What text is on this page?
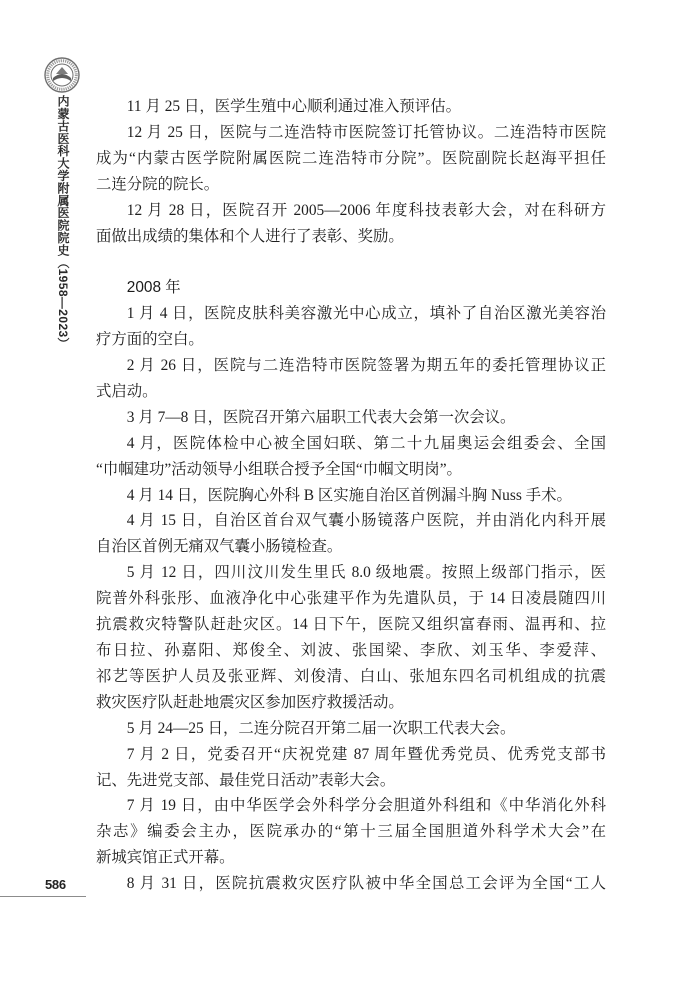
内蒙古医科大学附属医院院史（1958—2023）	11 月 25 日，医学生殖中心顺利通过准入预评估。
12 月 25 日，医院与二连浩特市医院签订托管协议。二连浩特市医院
成为“内蒙古医学院附属医院二连浩特市分院”。医院副院长赵海平担任
二连分院的院长。
12 月 28 日，医院召开 2005—2006 年度科技表彰大会，对在科研方
面做出成绩的集体和个人进行了表彰、奖励。
2008 年
1 月 4 日，医院皮肤科美容激光中心成立，填补了自治区激光美容治
疗方面的空白。
2 月 26 日，医院与二连浩特市医院签署为期五年的委托管理协议正
式启动。
3 月 7—8 日，医院召开第六届职工代表大会第一次会议。
4 月，医院体检中心被全国妇联、第二十九届奥运会组委会、全国
“巾帼建功”活动领导小组联合授予全国“巾帼文明岗”。
4 月 14 日，医院胸心外科 B 区实施自治区首例漏斗胸 Nuss 手术。
4 月 15 日，自治区首台双气囊小肠镜落户医院，并由消化内科开展
自治区首例无痛双气囊小肠镜检查。
5 月 12 日，四川汶川发生里氏 8.0 级地震。按照上级部门指示，医
院普外科张彤、血液净化中心张建平作为先遣队员，于 14 日凌晨随四川
抗震救灾特警队赶赴灾区。14 日下午，医院又组织富春雨、温再和、拉
布日拉、孙嘉阳、郑俊全、刘波、张国梁、李欣、刘玉华、李爱萍、
祁艺等医护人员及张亚辉、刘俊清、白山、张旭东四名司机组成的抗震
救灾医疗队赶赴地震灾区参加医疗救援活动。
5 月 24—25 日，二连分院召开第二届一次职工代表大会。
7 月 2 日，党委召开“庆祝党建 87 周年暨优秀党员、优秀党支部书
记、先进党支部、最佳党日活动”表彰大会。
7 月 19 日，由中华医学会外科学分会胆道外科组和《中华消化外科
杂志》编委会主办，医院承办的“第十三届全国胆道外科学术大会”在
新城宾馆正式开幕。
8 月 31 日，医院抗震救灾医疗队被中华全国总工会评为全国“工人
586
